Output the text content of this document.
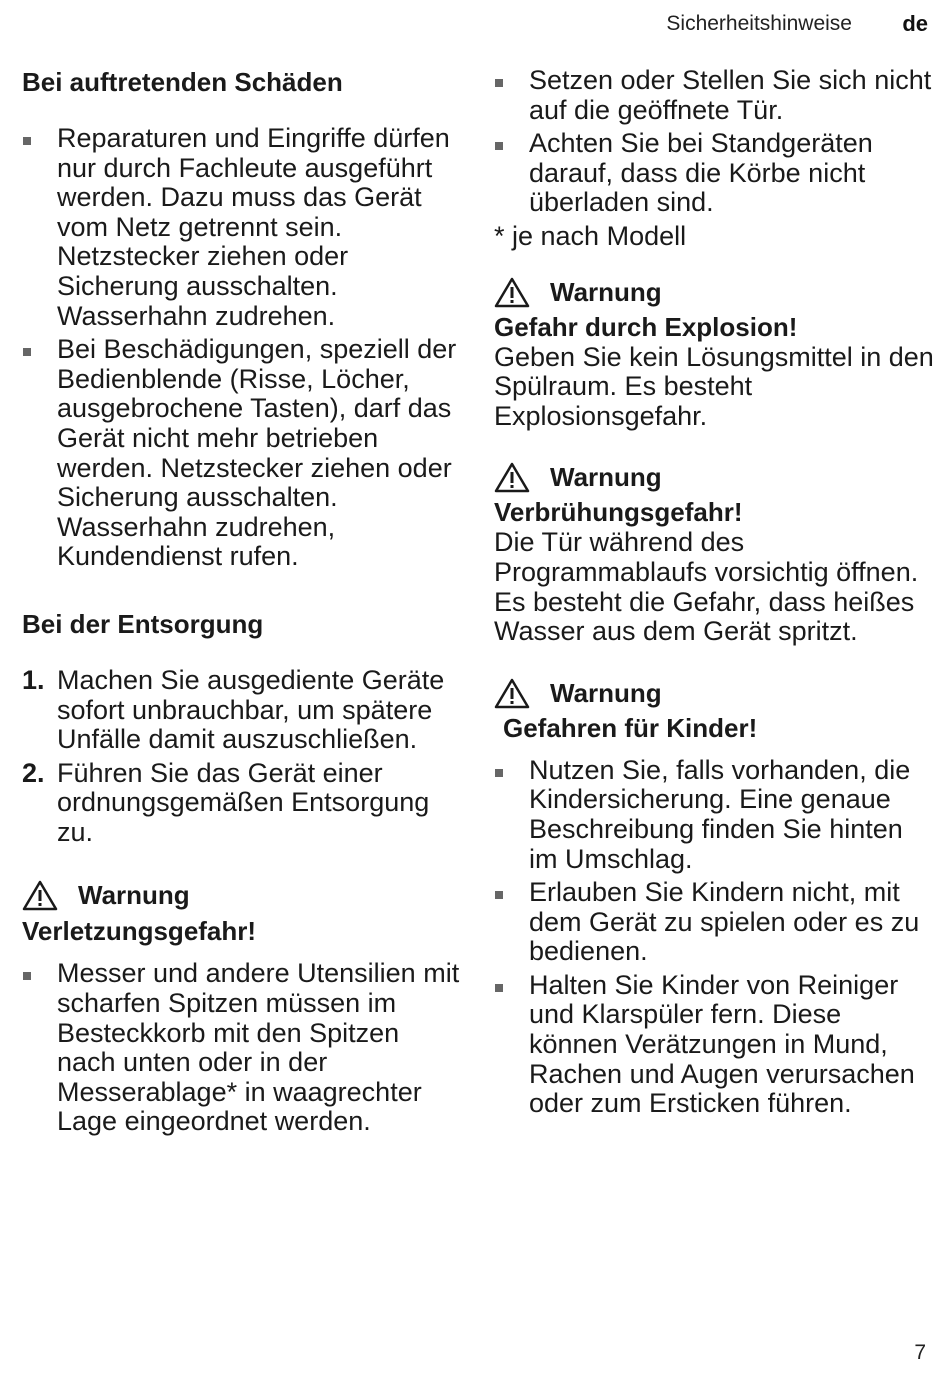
Sicherheitshinweise de
Bei auftretenden Schäden
Reparaturen und Eingriffe dürfen nur durch Fachleute ausgeführt werden. Dazu muss das Gerät vom Netz getrennt sein. Netzstecker ziehen oder Sicherung ausschalten. Wasserhahn zudrehen.
Bei Beschädigungen, speziell der Bedienblende (Risse, Löcher, ausgebrochene Tasten), darf das Gerät nicht mehr betrieben werden. Netzstecker ziehen oder Sicherung ausschalten. Wasserhahn zudrehen, Kundendienst rufen.
Bei der Entsorgung
1. Machen Sie ausgediente Geräte sofort unbrauchbar, um spätere Unfälle damit auszuschließen.
2. Führen Sie das Gerät einer ordnungsgemäßen Entsorgung zu.
Warnung
Verletzungsgefahr!
Messer und andere Utensilien mit scharfen Spitzen müssen im Besteckkorb mit den Spitzen nach unten oder in der Messerablage* in waagrechter Lage eingeordnet werden.
Setzen oder Stellen Sie sich nicht auf die geöffnete Tür.
Achten Sie bei Standgeräten darauf, dass die Körbe nicht überladen sind.

* je nach Modell

Warnung
Gefahr durch Explosion!

Geben Sie kein Lösungsmittel in den Spülraum. Es besteht Explosionsgefahr.

Warnung
Verbrühungsgefahr!

Die Tür während des Programmablaufs vorsichtig öffnen. Es besteht die Gefahr, dass heißes Wasser aus dem Gerät spritzt.

Warnung
Gefahren für Kinder!
Nutzen Sie, falls vorhanden, die Kindersicherung. Eine genaue Beschreibung finden Sie hinten im Umschlag.
Erlauben Sie Kindern nicht, mit dem Gerät zu spielen oder es zu bedienen.
Halten Sie Kinder von Reiniger und Klarspüler fern. Diese können Verätzungen in Mund, Rachen und Augen verursachen oder zum Ersticken führen.
7
